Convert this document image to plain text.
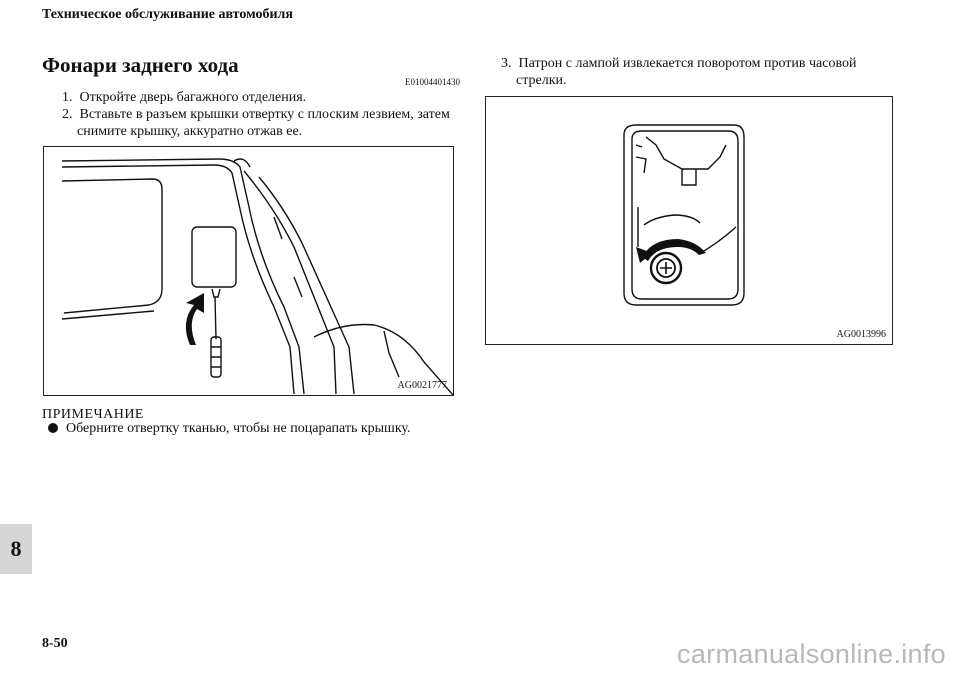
Техническое обслуживание автомобиля
Фонари заднего хода
E01004401430
1. Откройте дверь багажного отделения.
2. Вставьте в разъем крышки отвертку с плоским лезвием, затем
снимите крышку, аккуратно отжав ее.
AG0021777
ПРИМЕЧАНИЕ
Оберните отвертку тканью, чтобы не поцарапать крышку.
3. Патрон с лампой извлекается поворотом против часовой
стрелки.
AG0013996
8
8-50	carmanualsonline.info
